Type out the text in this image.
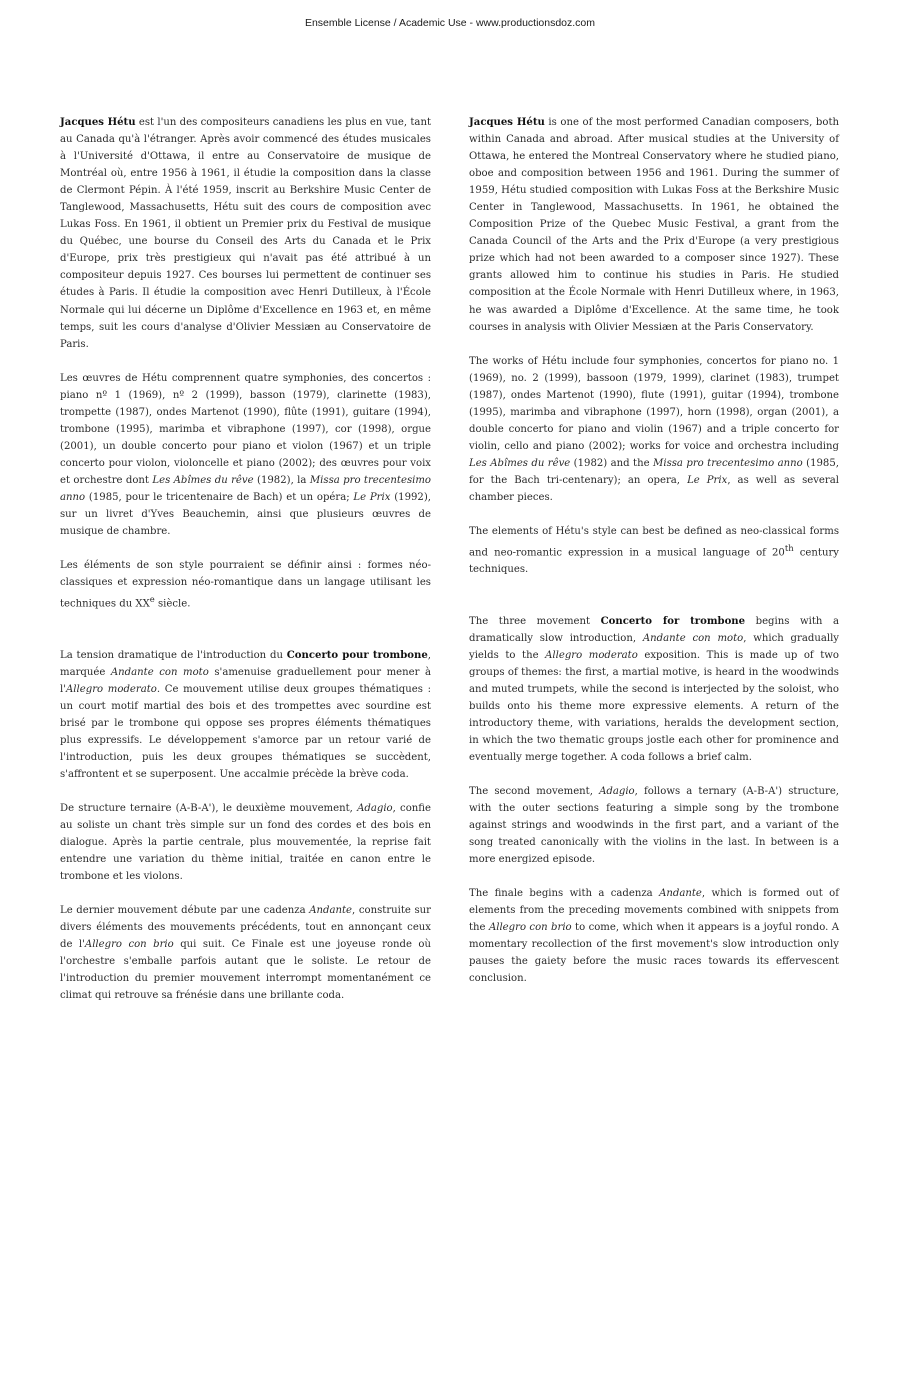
Ensemble License / Academic Use - www.productionsdoz.com

Jacques Hétu est l'un des compositeurs canadiens les plus en vue, tant au Canada qu'à l'étranger. Après avoir commencé des études musicales à l'Université d'Ottawa, il entre au Conservatoire de musique de Montréal où, entre 1956 à 1961, il étudie la composition dans la classe de Clermont Pépin. À l'été 1959, inscrit au Berkshire Music Center de Tanglewood, Massachusetts, Hétu suit des cours de composition avec Lukas Foss. En 1961, il obtient un Premier prix du Festival de musique du Québec, une bourse du Conseil des Arts du Canada et le Prix d'Europe, prix très prestigieux qui n'avait pas été attribué à un compositeur depuis 1927. Ces bourses lui permettent de continuer ses études à Paris. Il étudie la composition avec Henri Dutilleux, à l'École Normale qui lui décerne un Diplôme d'Excellence en 1963 et, en même temps, suit les cours d'analyse d'Olivier Messiæn au Conservatoire de Paris.

Les œuvres de Hétu comprennent quatre symphonies, des concertos : piano nº 1 (1969), nº 2 (1999), basson (1979), clarinette (1983), trompette (1987), ondes Martenot (1990), flûte (1991), guitare (1994), trombone (1995), marimba et vibraphone (1997), cor (1998), orgue (2001), un double concerto pour piano et violon (1967) et un triple concerto pour violon, violoncelle et piano (2002); des œuvres pour voix et orchestre dont Les Abîmes du rêve (1982), la Missa pro trecentesimo anno (1985, pour le tricentenaire de Bach) et un opéra; Le Prix (1992), sur un livret d'Yves Beauchemin, ainsi que plusieurs œuvres de musique de chambre.

Les éléments de son style pourraient se définir ainsi : formes néo-classiques et expression néo-romantique dans un langage utilisant les techniques du XXe siècle.

La tension dramatique de l'introduction du Concerto pour trombone, marquée Andante con moto s'amenuise graduellement pour mener à l'Allegro moderato. Ce mouvement utilise deux groupes thématiques : un court motif martial des bois et des trompettes avec sourdine est brisé par le trombone qui oppose ses propres éléments thématiques plus expressifs. Le développement s'amorce par un retour varié de l'introduction, puis les deux groupes thématiques se succèdent, s'affrontent et se superposent. Une accalmie précède la brève coda.

De structure ternaire (A-B-A'), le deuxième mouvement, Adagio, confie au soliste un chant très simple sur un fond des cordes et des bois en dialogue. Après la partie centrale, plus mouvementée, la reprise fait entendre une variation du thème initial, traitée en canon entre le trombone et les violons.

Le dernier mouvement débute par une cadenza Andante, construite sur divers éléments des mouvements précédents, tout en annonçant ceux de l'Allegro con brio qui suit. Ce Finale est une joyeuse ronde où l'orchestre s'emballe parfois autant que le soliste. Le retour de l'introduction du premier mouvement interrompt momentanément ce climat qui retrouve sa frénésie dans une brillante coda.

Jacques Hétu is one of the most performed Canadian composers, both within Canada and abroad. After musical studies at the University of Ottawa, he entered the Montreal Conservatory where he studied piano, oboe and composition between 1956 and 1961. During the summer of 1959, Hétu studied composition with Lukas Foss at the Berkshire Music Center in Tanglewood, Massachusetts. In 1961, he obtained the Composition Prize of the Quebec Music Festival, a grant from the Canada Council of the Arts and the Prix d'Europe (a very prestigious prize which had not been awarded to a composer since 1927). These grants allowed him to continue his studies in Paris. He studied composition at the École Normale with Henri Dutilleux where, in 1963, he was awarded a Diplôme d'Excellence. At the same time, he took courses in analysis with Olivier Messiæn at the Paris Conservatory.

The works of Hétu include four symphonies, concertos for piano no. 1 (1969), no. 2 (1999), bassoon (1979, 1999), clarinet (1983), trumpet (1987), ondes Martenot (1990), flute (1991), guitar (1994), trombone (1995), marimba and vibraphone (1997), horn (1998), organ (2001), a double concerto for piano and violin (1967) and a triple concerto for violin, cello and piano (2002); works for voice and orchestra including Les Abîmes du rêve (1982) and the Missa pro trecentesimo anno (1985, for the Bach tri-centenary); an opera, Le Prix, as well as several chamber pieces.

The elements of Hétu's style can best be defined as neo-classical forms and neo-romantic expression in a musical language of 20th century techniques.

The three movement Concerto for trombone begins with a dramatically slow introduction, Andante con moto, which gradually yields to the Allegro moderato exposition. This is made up of two groups of themes: the first, a martial motive, is heard in the woodwinds and muted trumpets, while the second is interjected by the soloist, who builds onto his theme more expressive elements. A return of the introductory theme, with variations, heralds the development section, in which the two thematic groups jostle each other for prominence and eventually merge together. A coda follows a brief calm.

The second movement, Adagio, follows a ternary (A-B-A') structure, with the outer sections featuring a simple song by the trombone against strings and woodwinds in the first part, and a variant of the song treated canonically with the violins in the last. In between is a more energized episode.

The finale begins with a cadenza Andante, which is formed out of elements from the preceding movements combined with snippets from the Allegro con brio to come, which when it appears is a joyful rondo. A momentary recollection of the first movement's slow introduction only pauses the gaiety before the music races towards its effervescent conclusion.
